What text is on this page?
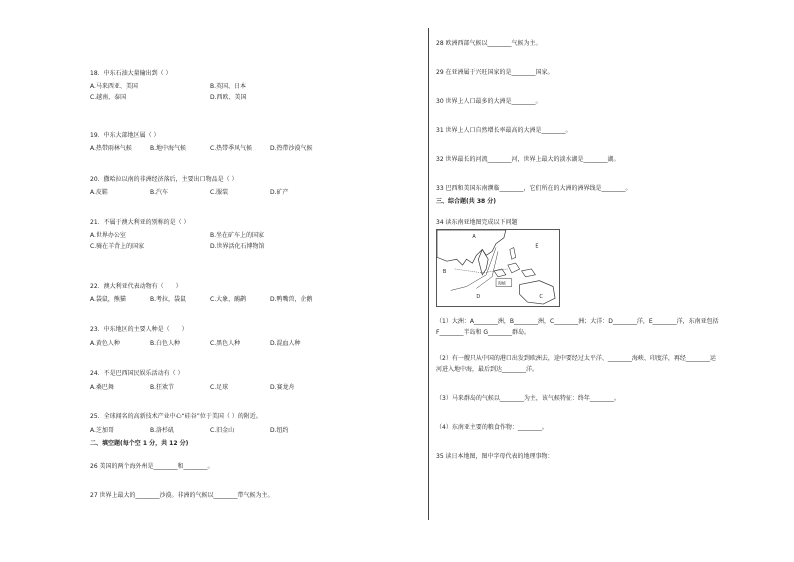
18．中东石油大量输出到（ ）
A.马来西亚、美国	B.英国、日本
C.越南、泰国	D.西欧、美国
19．中东大部地区属（ ）
A.热带雨林气候	B.地中海气候	C.热带季风气候	D.热带沙漠气候
20．撒哈拉以南的非洲经济落后，主要出口物品是（ ）
A.皮鞋	B.汽车	C.服装	D.矿产
21．不属于澳大利亚的别称的是（ ）
A.世界办公室	B.坐在矿车上的国家
C.骑在羊背上的国家	D.世界活化石博物馆
22．澳大利亚代表动物有（　　）
A.袋鼠，熊猫	B.考拉，袋鼠	C.大象，鸸鹋	D.鸭嘴兽，企鹅
23．中东地区的主要人种是（　　）
A.黄色人种	B.白色人种	C.黑色人种	D.混血人种
24．不是巴西国民娱乐活动有（ ）
A.桑巴舞	B.狂欢节	C.足球	D.赛龙舟
25．全球闻名的高新技术产业中心“硅谷”位于美国（ ）的附近。
A.芝加哥	B.洛杉矶	C.旧金山	D.纽约
二、填空题(每个空 1 分，共 12 分)
26 美国的两个海外州是________和________。
27 世界上最大的________沙漠。非洲的气候以________带气候为主。
28 欧洲西部气候以________气候为主。
29 在亚洲属于兴旺国家的是________国家。
30 世界上人口最多的大洲是________。
31 世界上人口自然增长率最高的大洲是________。
32 世界最长的河流________河，世界上最大的淡水湖是________湖。
33 巴西和美国东南濒临________，它们所在的大洲的洲界线是________。
三、综合题(共 38 分)
34 读东南亚地图完成以下问题
海峡
A
B
C
D
E
（1）大洲：A________洲，B________洲，C________洲；大洋：D________洋，E________洋，东南亚包括
F________半岛和 G________群岛。
（2）有一艘只从中国的港口出发到欧洲去，途中要经过太平洋、________海峡、印度洋，再经________运
河进入地中海，最后到达________洋。
（3）马来群岛的气候以________为主，该气候特征：终年________。
（4）东南亚主要的粮食作物：________。
35 读日本地图，图中字母代表的地理事物：
